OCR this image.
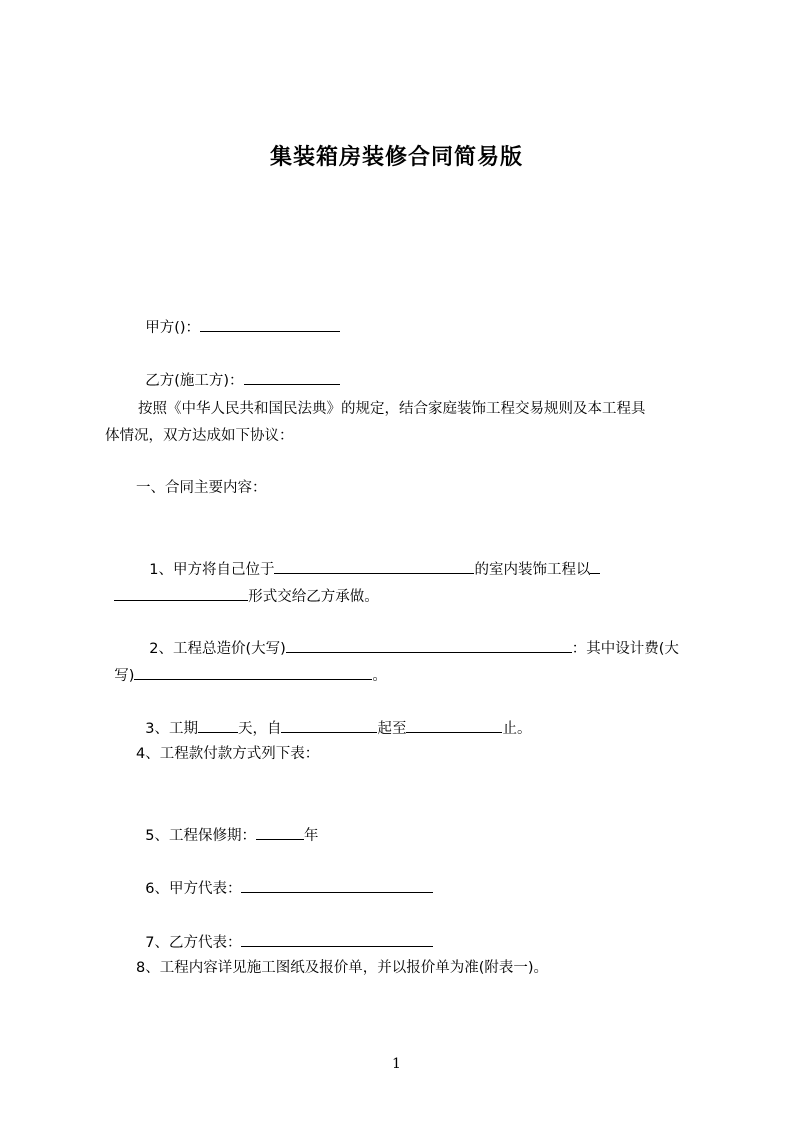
集装箱房装修合同简易版

甲方()：

乙方(施工方)：

按照《中华人民共和国民法典》的规定，结合家庭装饰工程交易规则及本工程具
体情况，双方达成如下协议：
一、合同主要内容：

1、甲方将自己位于	的室内装饰工程以

形式交给乙方承做。

2、工程总造价(大写)	：其中设计费(大

写)	。

3、工期	天，自	起至	止。

4、工程款付款方式列下表：

5、工程保修期：	年

6、甲方代表：

7、乙方代表：

8、工程内容详见施工图纸及报价单，并以报价单为准(附表一)。
1
